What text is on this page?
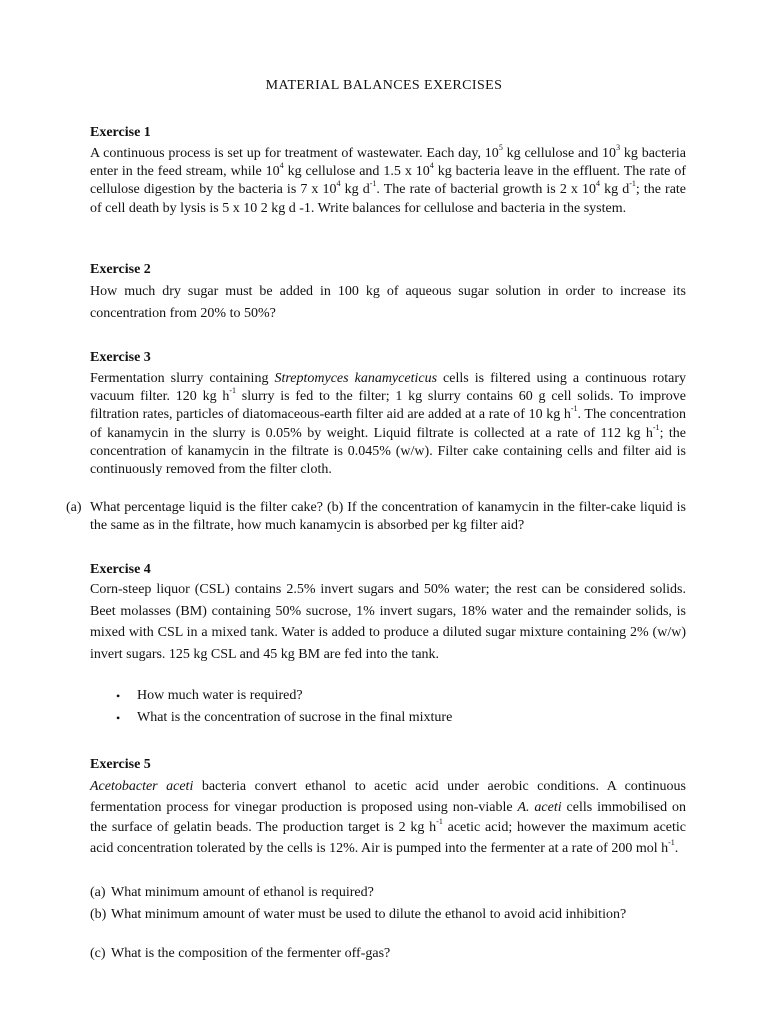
MATERIAL BALANCES EXERCISES
Exercise 1

A continuous process is set up for treatment of wastewater. Each day, $10^5$ kg cellulose and $10^3$ kg bacteria enter in the feed stream, while $10^4$ kg cellulose and 1.5 x $10^4$ kg bacteria leave in the effluent. The rate of cellulose digestion by the bacteria is 7 x $10^4$ kg $d^{-1}$. The rate of bacterial growth is 2 x $10^4$ kg $d^{-1}$; the rate of cell death by lysis is 5 x 10 2 kg d -1. Write balances for cellulose and bacteria in the system.

Exercise 2

How much dry sugar must be added in 100 kg of aqueous sugar solution in order to increase its concentration from 20% to 50%?

Exercise 3

Fermentation slurry containing Streptomyces kanamyceticus cells is filtered using a continuous rotary vacuum filter. 120 kg $h^{-1}$ slurry is fed to the filter; 1 kg slurry contains 60 g cell solids. To improve filtration rates, particles of diatomaceous-earth filter aid are added at a rate of 10 kg $h^{-1}$. The concentration of kanamycin in the slurry is 0.05% by weight. Liquid filtrate is collected at a rate of 112 kg $h^{-1}$; the concentration of kanamycin in the filtrate is 0.045% (w/w). Filter cake containing cells and filter aid is continuously removed from the filter cloth.

(a) What percentage liquid is the filter cake? (b) If the concentration of kanamycin in the filter-cake liquid is the same as in the filtrate, how much kanamycin is absorbed per kg filter aid?

Exercise 4

Corn-steep liquor (CSL) contains 2.5% invert sugars and 50% water; the rest can be considered solids. Beet molasses (BM) containing 50% sucrose, 1% invert sugars, 18% water and the remainder solids, is mixed with CSL in a mixed tank. Water is added to produce a diluted sugar mixture containing 2% (w/w) invert sugars. 125 kg CSL and 45 kg BM are fed into the tank.

• How much water is required?
• What is the concentration of sucrose in the final mixture
Exercise 5

Acetobacter aceti bacteria convert ethanol to acetic acid under aerobic conditions. A continuous fermentation process for vinegar production is proposed using non-viable A. aceti cells immobilised on the surface of gelatin beads. The production target is 2 kg $h^{-1}$ acetic acid; however the maximum acetic acid concentration tolerated by the cells is 12%. Air is pumped into the fermenter at a rate of 200 mol $h^{-1}$.

(a) What minimum amount of ethanol is required?

(b) What minimum amount of water must be used to dilute the ethanol to avoid acid inhibition?

(c) What is the composition of the fermenter off-gas?
